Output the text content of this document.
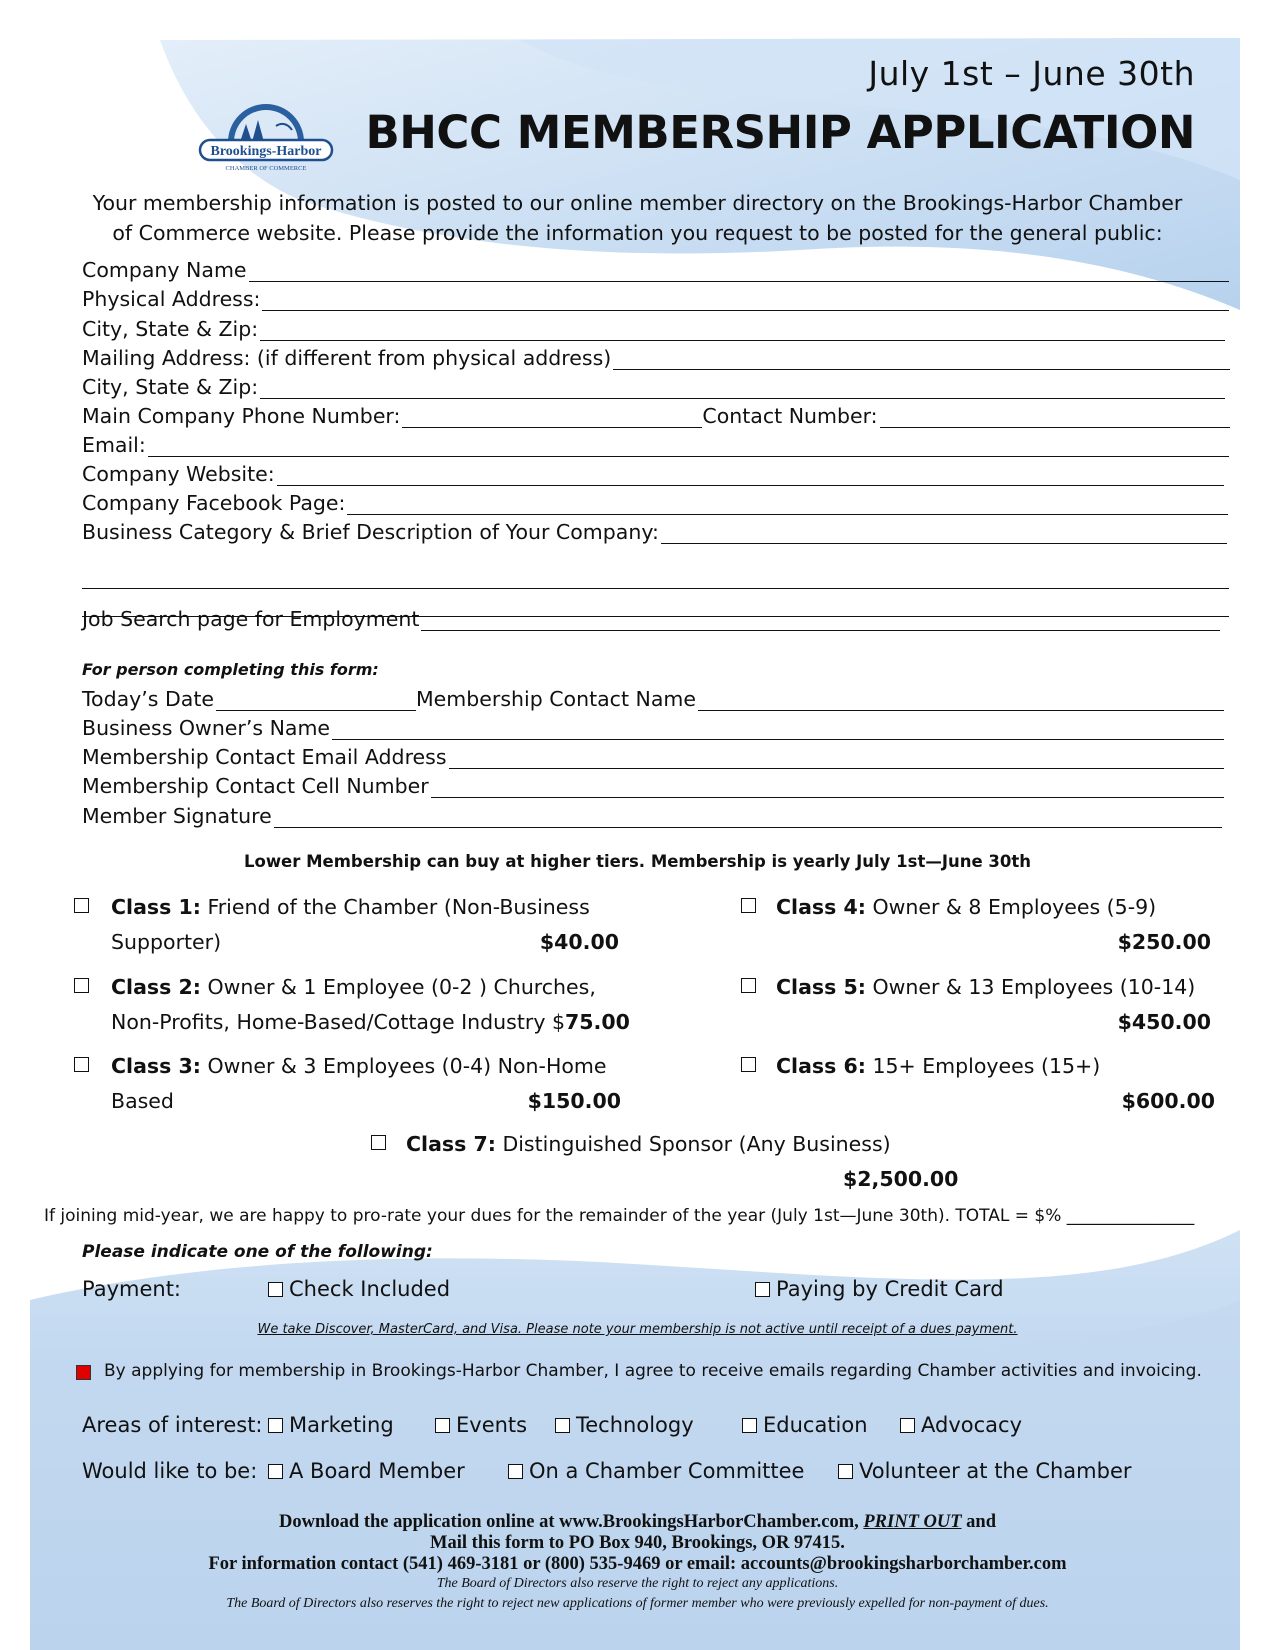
Brookings-Harbor
CHAMBER OF COMMERCE
July 1st – June 30th
BHCC MEMBERSHIP APPLICATION
Your membership information is posted to our online member directory on the Brookings-Harbor Chamber
of Commerce website. Please provide the information you request to be posted for the general public:
Company Name
Physical Address:
City, State & Zip:
Mailing Address: (if different from physical address)
City, State & Zip:
Main Company Phone Number:	Contact Number:
Email:
Company Website:
Company Facebook Page:
Business Category & Brief Description of Your Company:
Job Search page for Employment
For person completing this form:
Today’s Date	Membership Contact Name
Business Owner’s Name
Membership Contact Email Address
Membership Contact Cell Number
Member Signature
Lower Membership can buy at higher tiers. Membership is yearly July 1st—June 30th
Class 1: Friend of the Chamber (Non-Business
Supporter)	$40.00
Class 2: Owner & 1 Employee (0-2 ) Churches,
Non-Profits, Home-Based/Cottage Industry $75.00
Class 3: Owner & 3 Employees (0-4) Non-Home
Based	$150.00
Class 4: Owner & 8 Employees (5-9)
$250.00
Class 5: Owner & 13 Employees (10-14)
$450.00
Class 6: 15+ Employees (15+)
$600.00
Class 7: Distinguished Sponsor (Any Business)
$2,500.00
If joining mid-year, we are happy to pro-rate your dues for the remainder of the year (July 1st—June 30th). TOTAL = $% _______________
Please indicate one of the following:
Payment:	Check Included	Paying by Credit Card
We take Discover, MasterCard, and Visa. Please note your membership is not active until receipt of a dues payment.
By applying for membership in Brookings-Harbor Chamber, I agree to receive emails regarding Chamber activities and invoicing.
Areas of interest:	Marketing	Events	Technology	Education	Advocacy
Would like to be:	A Board Member	On a Chamber Committee	Volunteer at the Chamber
Download the application online at www.BrookingsHarborChamber.com, PRINT OUT and
Mail this form to PO Box 940, Brookings, OR 97415.
For information contact (541) 469-3181 or (800) 535-9469 or email: accounts@brookingsharborchamber.com
The Board of Directors also reserve the right to reject any applications.
The Board of Directors also reserves the right to reject new applications of former member who were previously expelled for non-payment of dues.
